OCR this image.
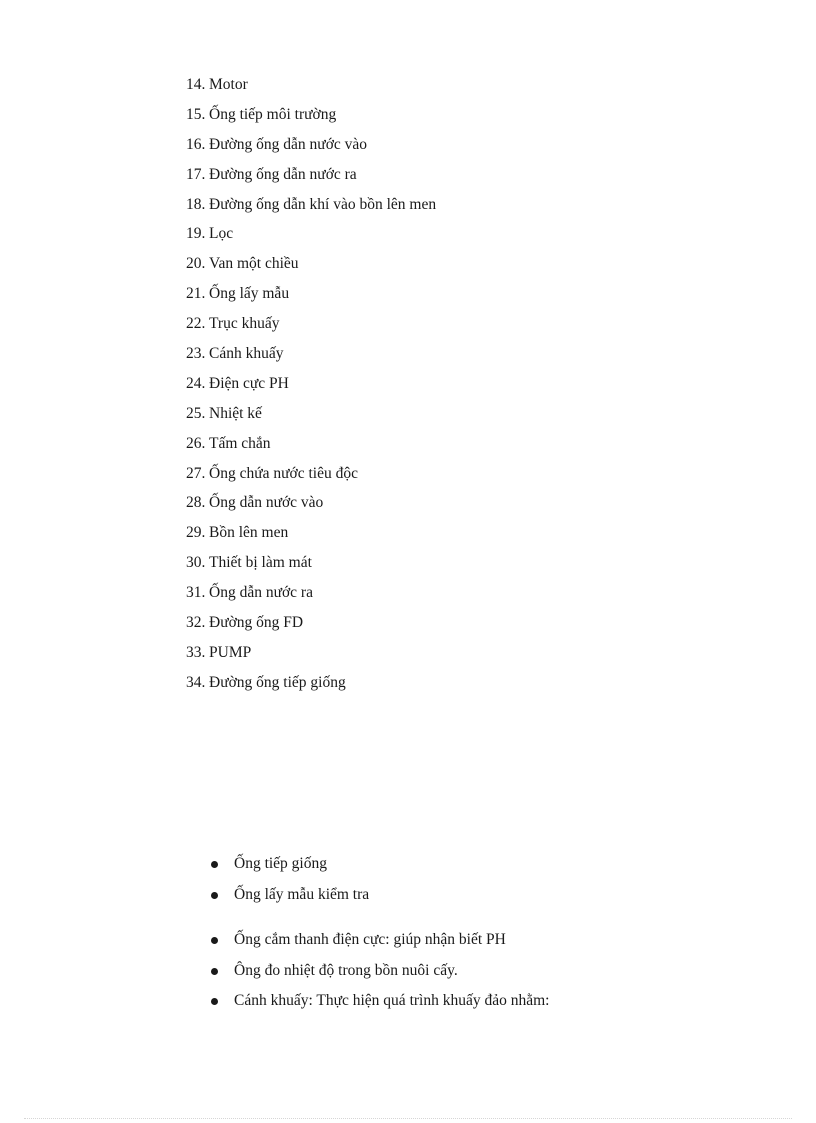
14. Motor
15. Ống tiếp môi trường
16. Đường ống dẫn nước vào
17. Đường ống dẫn nước ra
18. Đường ống dẫn khí vào bồn lên men
19. Lọc
20. Van một chiều
21. Ống lấy mẫu
22. Trục khuấy
23. Cánh khuấy
24. Điện cực PH
25. Nhiệt kế
26. Tấm chắn
27. Ống chứa nước tiêu độc
28. Ống dẫn nước vào
29. Bồn lên men
30. Thiết bị làm mát
31. Ống dẫn nước ra
32. Đường ống FD
33. PUMP
34. Đường ống tiếp giống
Ống tiếp giống
Ống lấy mẫu kiểm tra
Ống cắm thanh điện cực: giúp nhận biết PH
Ông đo nhiệt độ trong bồn nuôi cấy.
Cánh khuấy: Thực hiện quá trình khuấy đảo nhằm:
